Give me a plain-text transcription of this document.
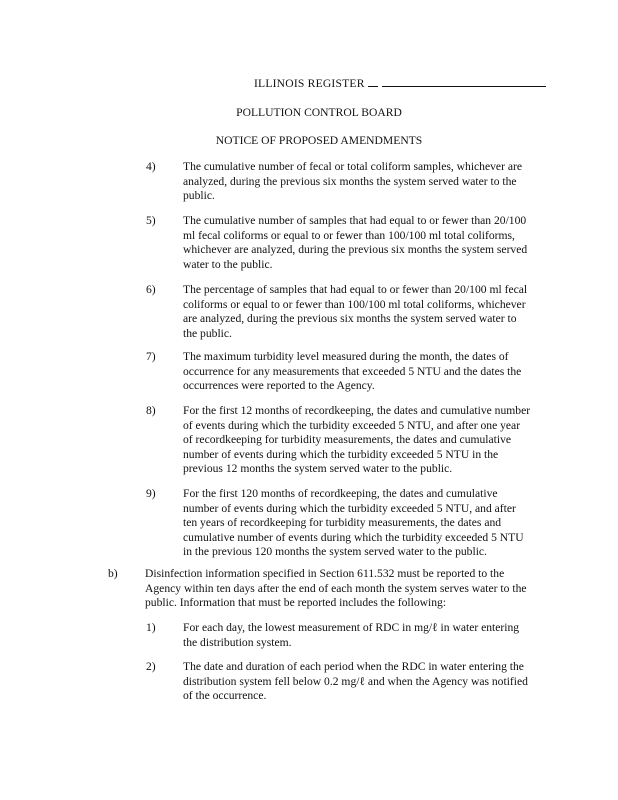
ILLINOIS REGISTER
POLLUTION CONTROL BOARD
NOTICE OF PROPOSED AMENDMENTS
4) The cumulative number of fecal or total coliform samples, whichever are
analyzed, during the previous six months the system served water to the
public.
5) The cumulative number of samples that had equal to or fewer than 20/100
ml fecal coliforms or equal to or fewer than 100/100 ml total coliforms,
whichever are analyzed, during the previous six months the system served
water to the public.
6) The percentage of samples that had equal to or fewer than 20/100 ml fecal
coliforms or equal to or fewer than 100/100 ml total coliforms, whichever
are analyzed, during the previous six months the system served water to
the public.
7) The maximum turbidity level measured during the month, the dates of
occurrence for any measurements that exceeded 5 NTU and the dates the
occurrences were reported to the Agency.
8) For the first 12 months of recordkeeping, the dates and cumulative number
of events during which the turbidity exceeded 5 NTU, and after one year
of recordkeeping for turbidity measurements, the dates and cumulative
number of events during which the turbidity exceeded 5 NTU in the
previous 12 months the system served water to the public.
9) For the first 120 months of recordkeeping, the dates and cumulative
number of events during which the turbidity exceeded 5 NTU, and after
ten years of recordkeeping for turbidity measurements, the dates and
cumulative number of events during which the turbidity exceeded 5 NTU
in the previous 120 months the system served water to the public.
b) Disinfection information specified in Section 611.532 must be reported to the
Agency within ten days after the end of each month the system serves water to the
public. Information that must be reported includes the following:
1) For each day, the lowest measurement of RDC in mg/ℓ in water entering
the distribution system.
2) The date and duration of each period when the RDC in water entering the
distribution system fell below 0.2 mg/ℓ and when the Agency was notified
of the occurrence.
